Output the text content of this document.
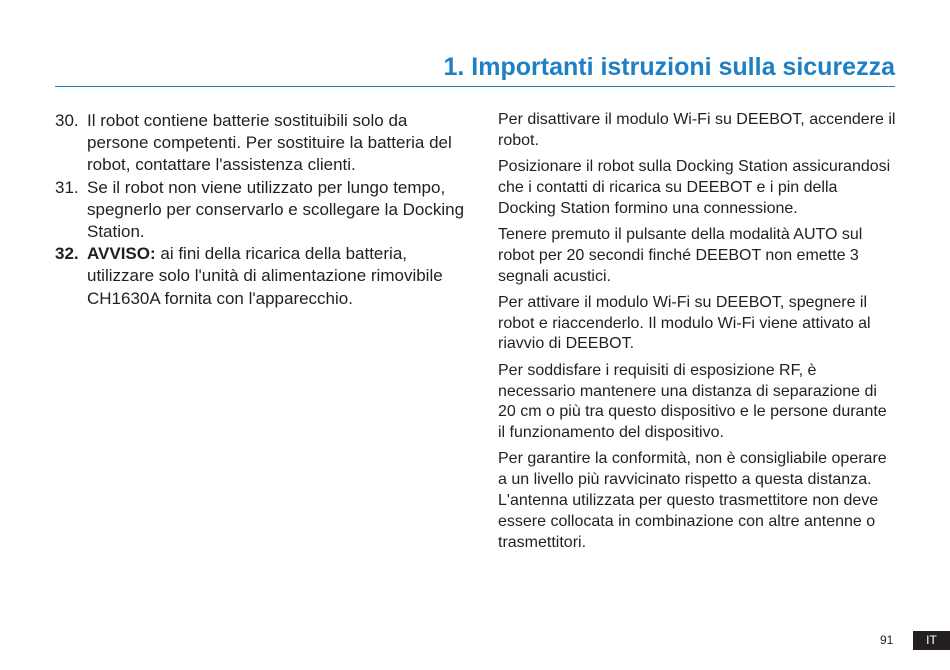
1. Importanti istruzioni sulla sicurezza
30. Il robot contiene batterie sostituibili solo da persone competenti. Per sostituire la batteria del robot, contattare l'assistenza clienti.
31. Se il robot non viene utilizzato per lungo tempo, spegnerlo per conservarlo e scollegare la Docking Station.
32. AVVISO: ai fini della ricarica della batteria, utilizzare solo l'unità di alimentazione rimovibile CH1630A fornita con l'apparecchio.

Per disattivare il modulo Wi-Fi su DEEBOT, accendere il robot.

Posizionare il robot sulla Docking Station assicurandosi che i contatti di ricarica su DEEBOT e i pin della Docking Station formino una connessione.

Tenere premuto il pulsante della modalità AUTO sul robot per 20 secondi finché DEEBOT non emette 3 segnali acustici.

Per attivare il modulo Wi-Fi su DEEBOT, spegnere il robot e riaccenderlo. Il modulo Wi-Fi viene attivato al riavvio di DEEBOT.

Per soddisfare i requisiti di esposizione RF, è necessario mantenere una distanza di separazione di 20 cm o più tra questo dispositivo e le persone durante il funzionamento del dispositivo.

Per garantire la conformità, non è consigliabile operare a un livello più ravvicinato rispetto a questa distanza. L'antenna utilizzata per questo trasmettitore non deve essere collocata in combinazione con altre antenne o trasmettitori.

91	IT
